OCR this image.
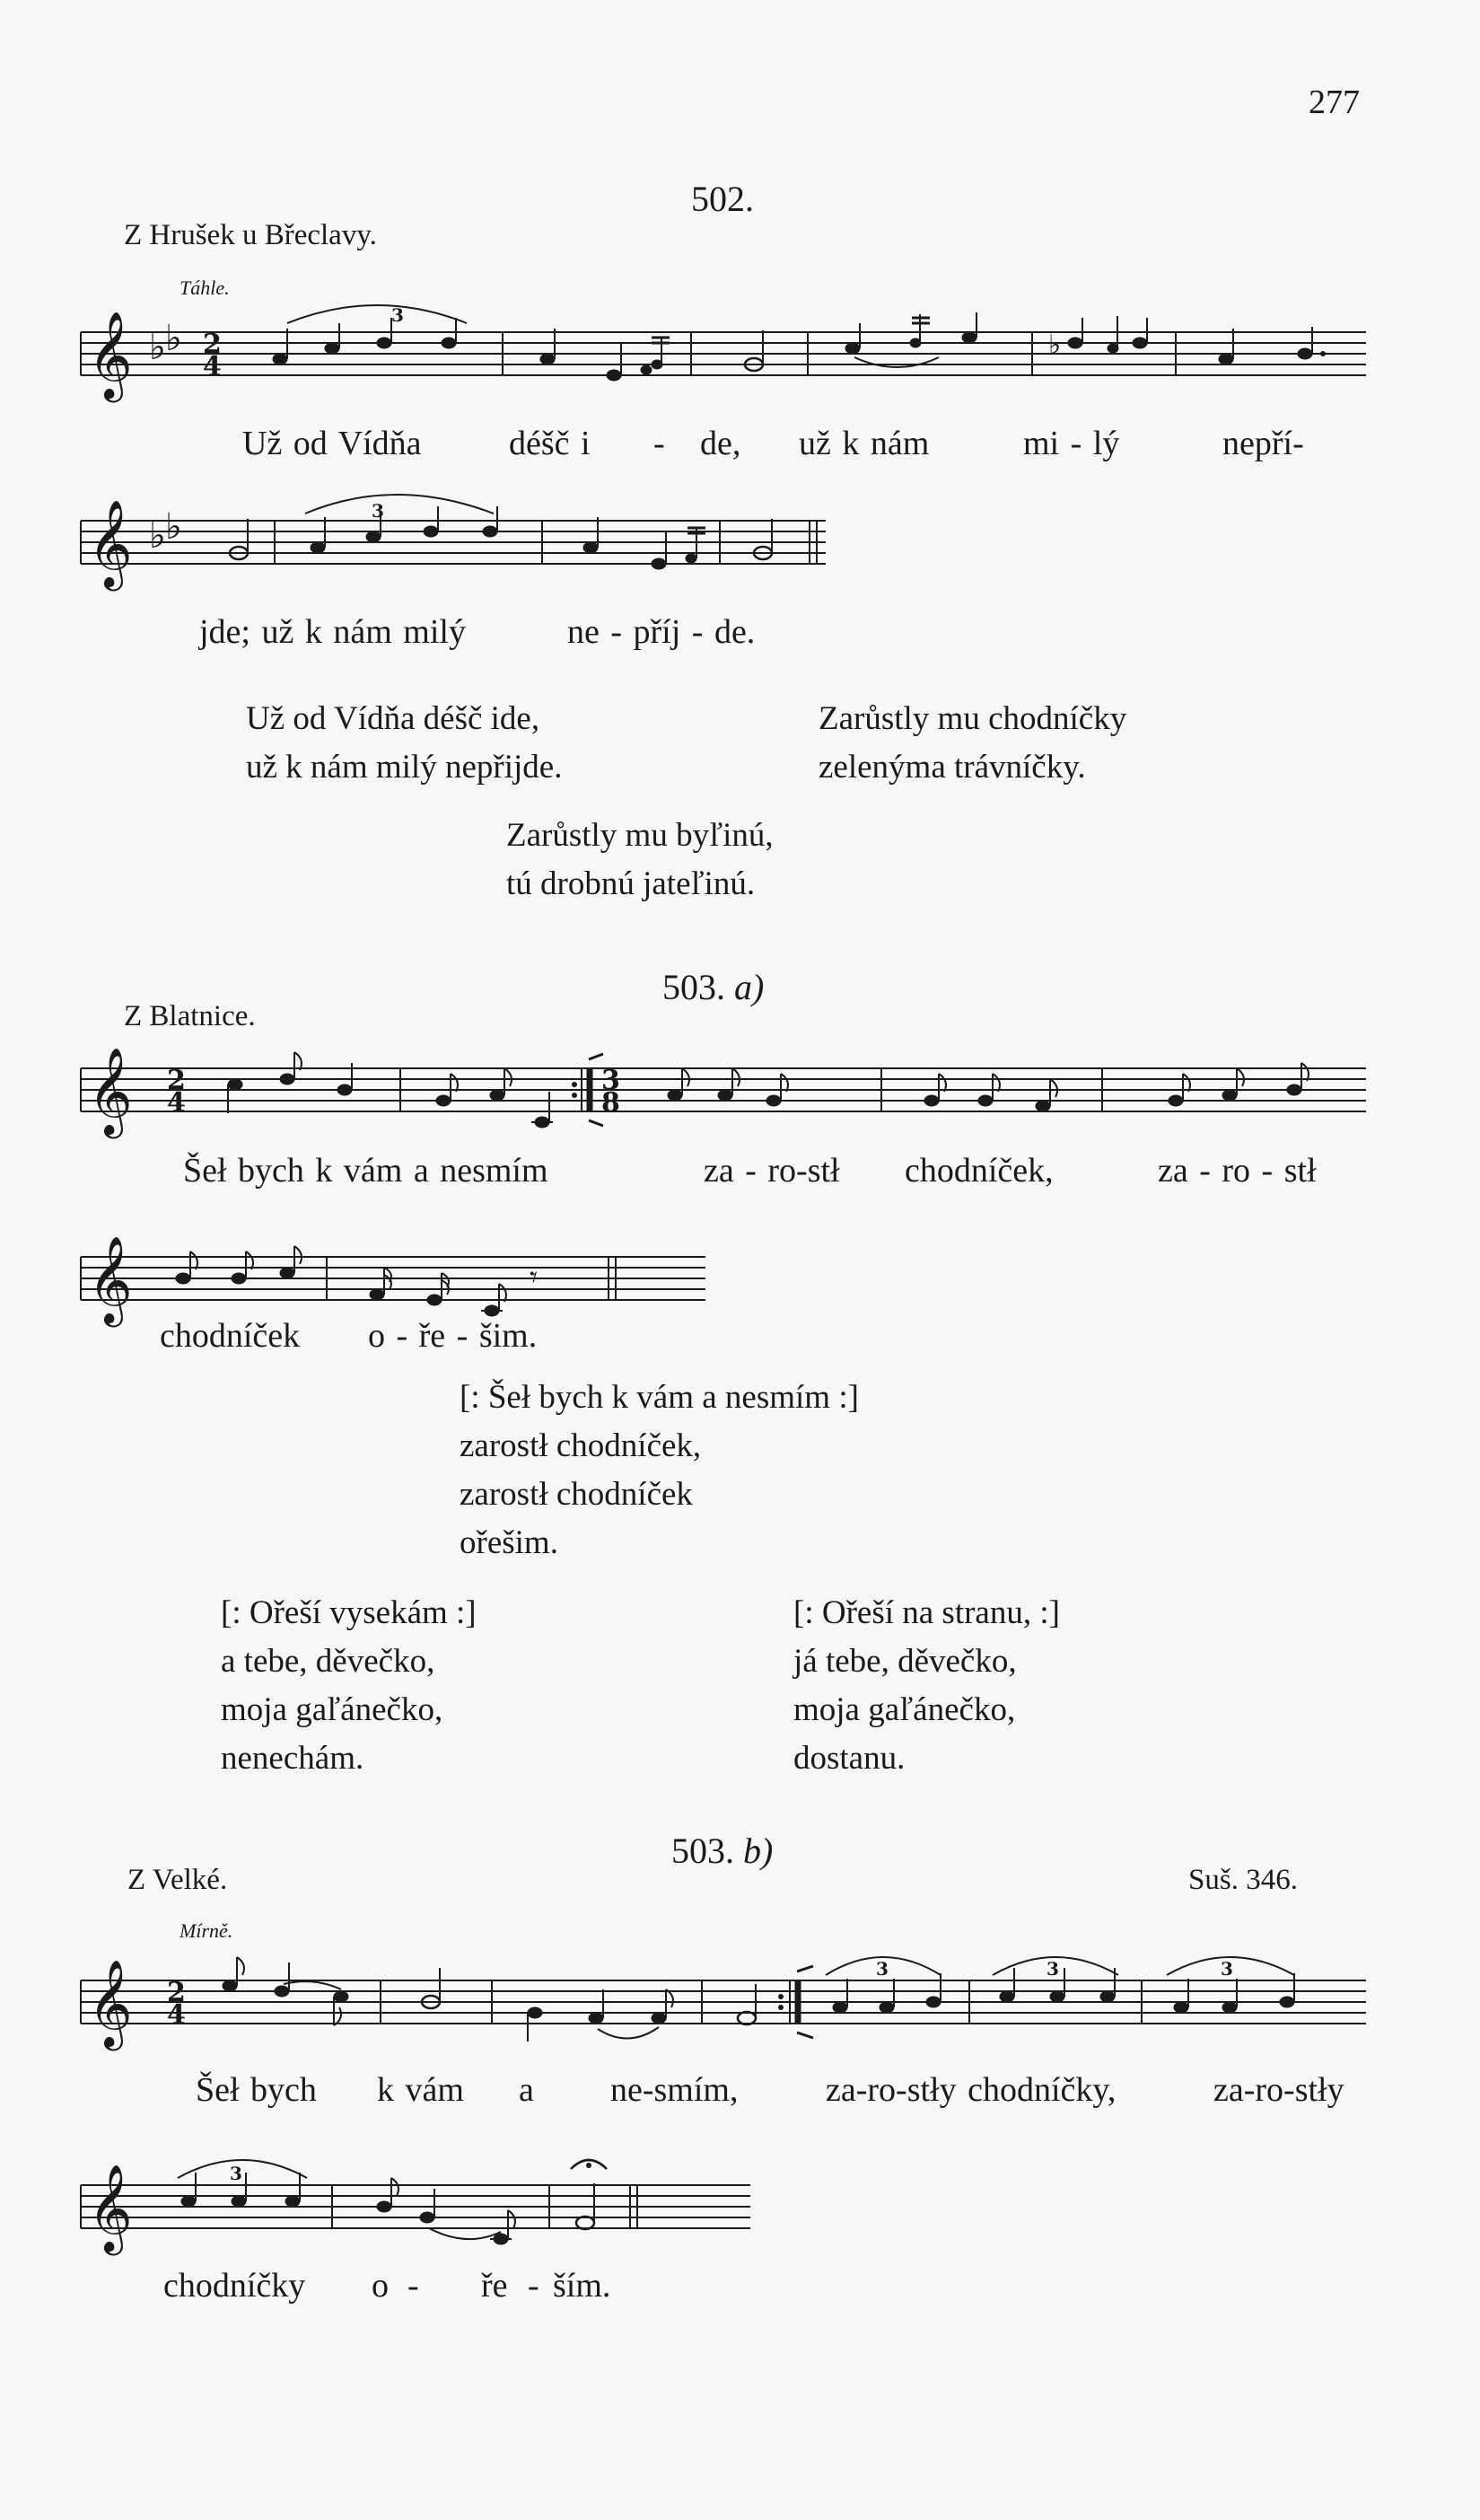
277
502.
Z Hrušek u Břeclavy.
Táhle.
𝄞 ♭ ♭ 2
4
3
♭
Už od Vídňa	déšč i - de, už k nám	mi - lý	nepří-
𝄞 ♭ ♭	3
jde; už k nám milý	ne - příj - de.
Už od Vídňa déšč ide,
už k nám milý nepřijde.
Zarůstly mu chodníčky
zelenýma trávníčky.
Zarůstly mu byľinú,
tú drobnú jateľinú.
503. a)
Z Blatnice.
𝄞 2
4
3
8
Šeł bych k vám a nesmím	za - ro-stł chodníček,	za - ro - stł
𝄞	𝄾
chodníček o - ře - šim.
[: Šeł bych k vám a nesmím :]
zarostł chodníček,
zarostł chodníček
ořešim.
[: Ořeší vysekám :]
a tebe, děvečko,
moja gaľánečko,
nenechám.
[: Ořeší na stranu, :]
já tebe, děvečko,
moja gaľánečko,
dostanu.
503. b)
Z Velké.	Suš. 346.
Mírně.
𝄞 2
4
3	3	3
Šeł bych k vám a ne-smím,	za-ro-stły chodníčky,	za-ro-stły
𝄞	3
chodníčky o - ře - ším.
